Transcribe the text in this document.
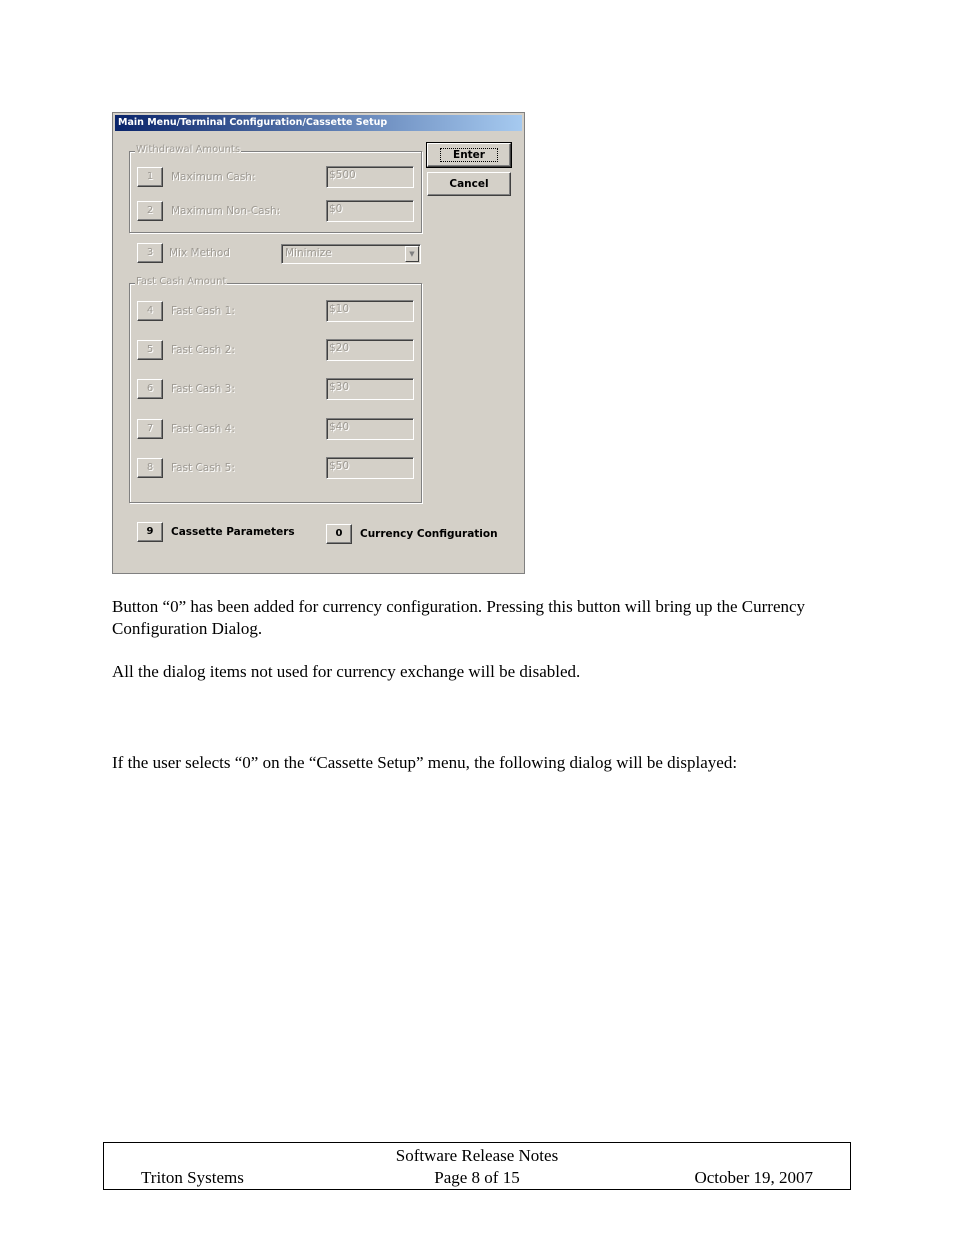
Main Menu/Terminal Configuration/Cassette Setup
Withdrawal Amounts
1	Maximum Cash:	$500
2	Maximum Non-Cash:	$0
3	Mix Method	Minimize	▼
Fast Cash Amount
4	Fast Cash 1:	$10
5	Fast Cash 2:	$20
6	Fast Cash 3:	$30
7	Fast Cash 4:	$40
8	Fast Cash 5:	$50
9	Cassette Parameters	0	Currency Configuration
Enter
Cancel

Button “0” has been added for currency configuration. Pressing this button will bring up the Currency Configuration Dialog.

All the dialog items not used for currency exchange will be disabled.

If the user selects “0” on the “Cassette Setup” menu, the following dialog will be displayed:

Software Release Notes
Triton Systems	Page 8 of 15	October 19, 2007
